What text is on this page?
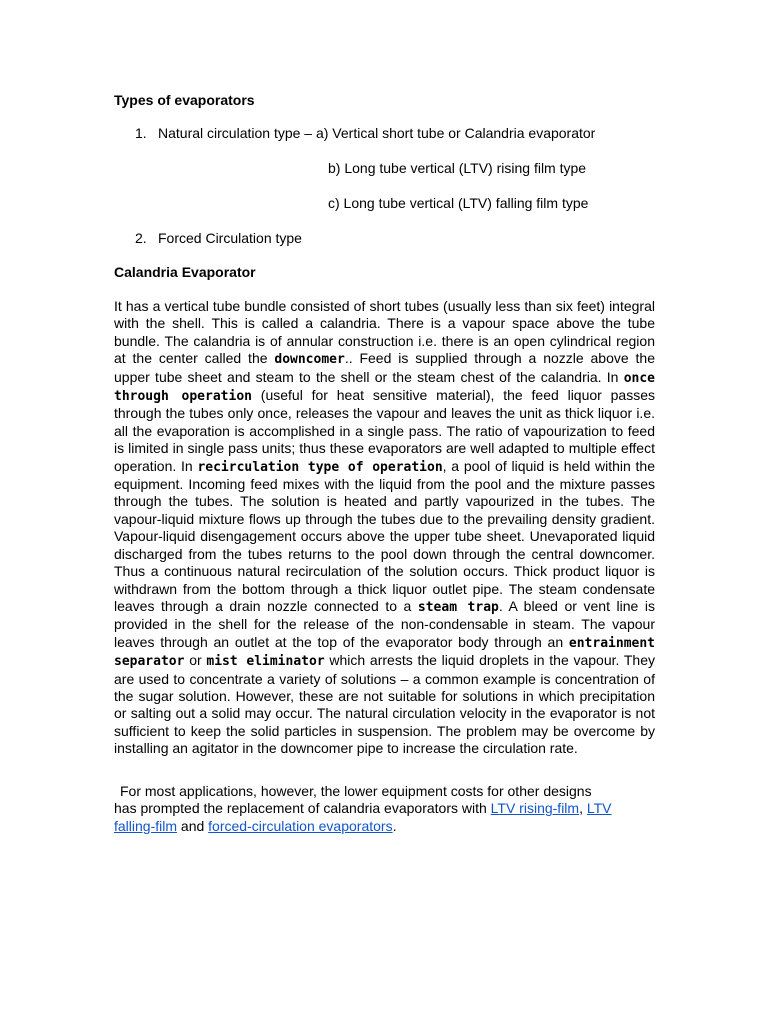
Types of evaporators
1. Natural circulation type – a) Vertical short tube or Calandria evaporator
b) Long tube vertical (LTV) rising film type
c) Long tube vertical (LTV) falling film type
2. Forced Circulation type
Calandria Evaporator
It has a vertical tube bundle consisted of short tubes (usually less than six feet) integral with the shell. This is called a calandria. There is a vapour space above the tube bundle. The calandria is of annular construction i.e. there is an open cylindrical region at the center called the downcomer.. Feed is supplied through a nozzle above the upper tube sheet and steam to the shell or the steam chest of the calandria. In once through operation (useful for heat sensitive material), the feed liquor passes through the tubes only once, releases the vapour and leaves the unit as thick liquor i.e. all the evaporation is accomplished in a single pass. The ratio of vapourization to feed is limited in single pass units; thus these evaporators are well adapted to multiple effect operation. In recirculation type of operation, a pool of liquid is held within the equipment. Incoming feed mixes with the liquid from the pool and the mixture passes through the tubes. The solution is heated and partly vapourized in the tubes. The vapour-liquid mixture flows up through the tubes due to the prevailing density gradient. Vapour-liquid disengagement occurs above the upper tube sheet. Unevaporated liquid discharged from the tubes returns to the pool down through the central downcomer. Thus a continuous natural recirculation of the solution occurs. Thick product liquor is withdrawn from the bottom through a thick liquor outlet pipe. The steam condensate leaves through a drain nozzle connected to a steam trap. A bleed or vent line is provided in the shell for the release of the non-condensable in steam. The vapour leaves through an outlet at the top of the evaporator body through an entrainment separator or mist eliminator which arrests the liquid droplets in the vapour. They are used to concentrate a variety of solutions – a common example is concentration of the sugar solution. However, these are not suitable for solutions in which precipitation or salting out a solid may occur. The natural circulation velocity in the evaporator is not sufficient to keep the solid particles in suspension. The problem may be overcome by installing an agitator in the downcomer pipe to increase the circulation rate.
For most applications, however, the lower equipment costs for other designs
has prompted the replacement of calandria evaporators with LTV rising-film, LTV
falling-film and forced-circulation evaporators.
